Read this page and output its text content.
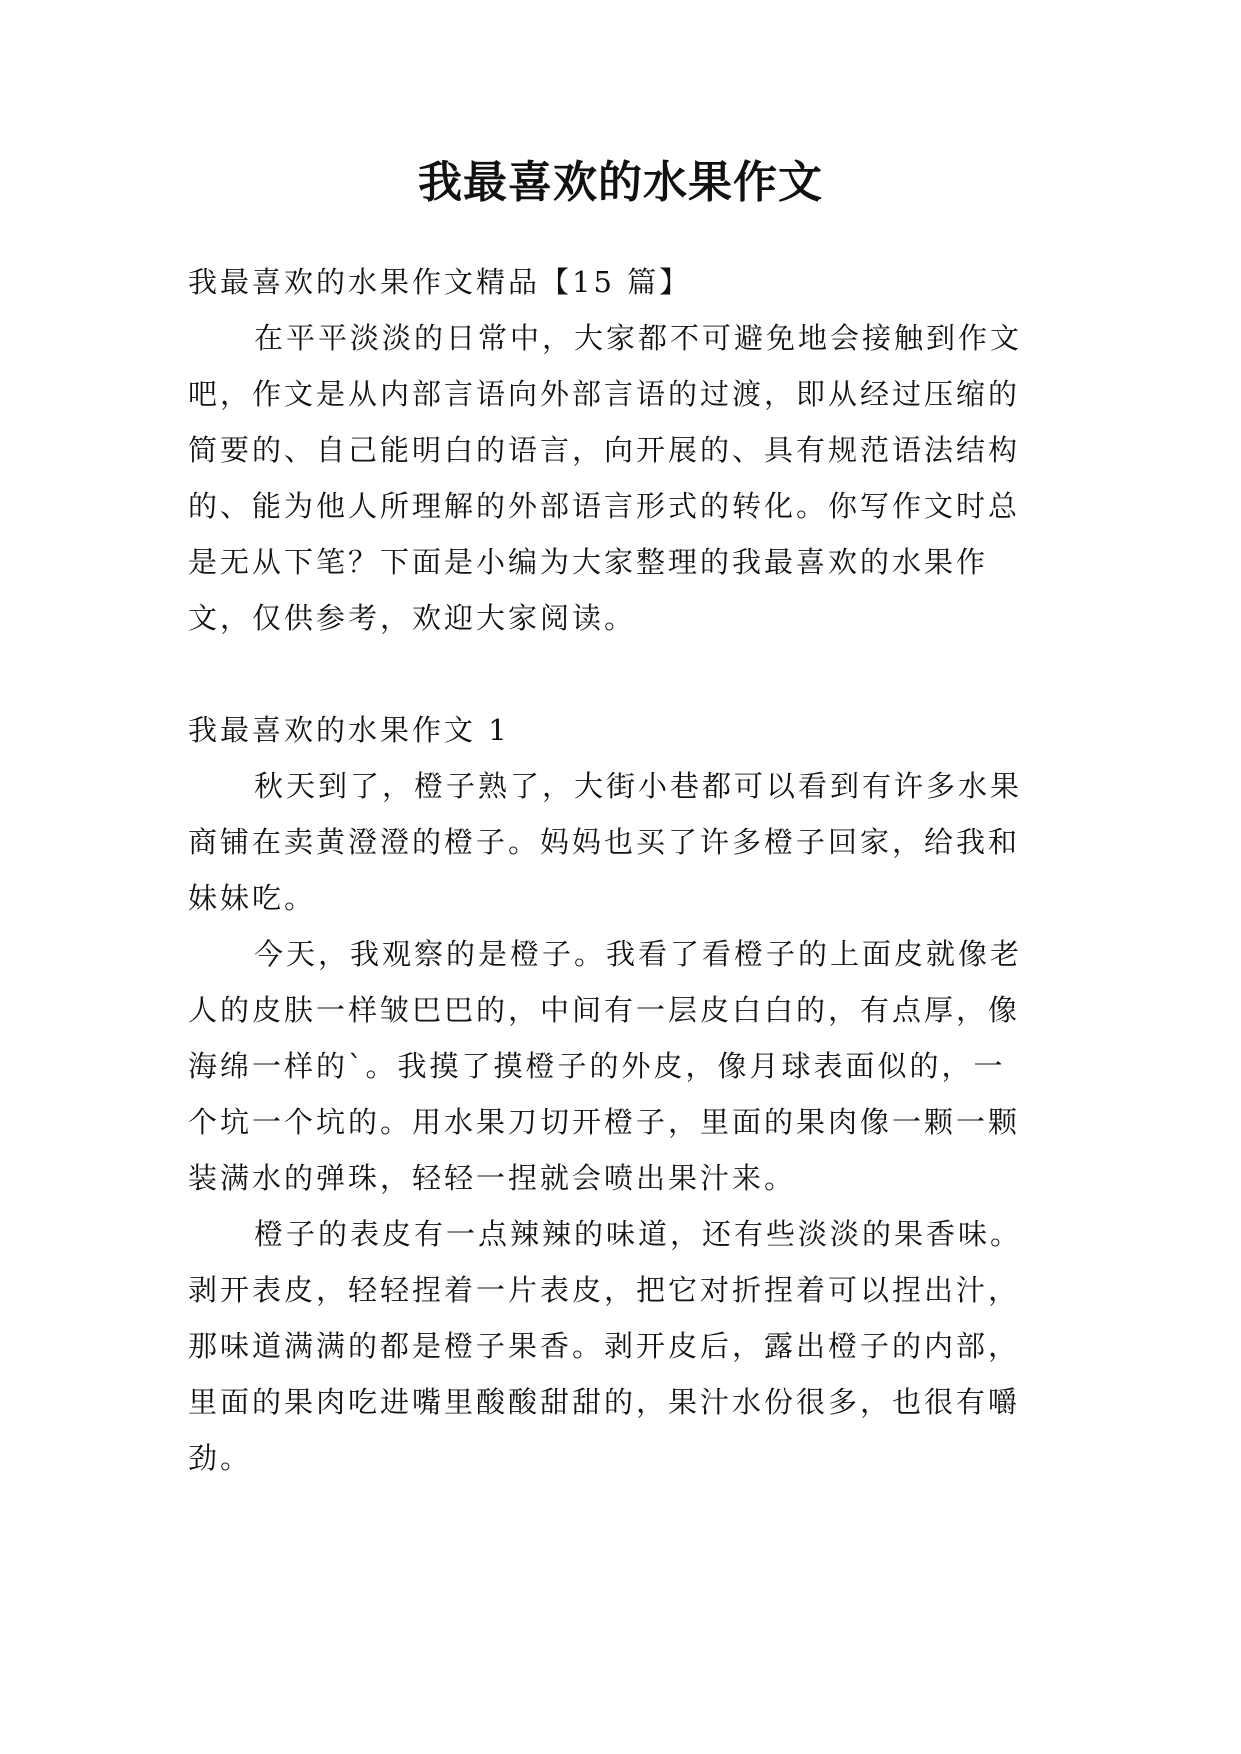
我最喜欢的水果作文

我最喜欢的水果作文精品【15 篇】

在平平淡淡的日常中，大家都不可避免地会接触到作文

吧，作文是从内部言语向外部言语的过渡，即从经过压缩的

简要的、自己能明白的语言，向开展的、具有规范语法结构

的、能为他人所理解的外部语言形式的转化。你写作文时总

是无从下笔？下面是小编为大家整理的我最喜欢的水果作

文，仅供参考，欢迎大家阅读。

我最喜欢的水果作文 1

秋天到了，橙子熟了，大街小巷都可以看到有许多水果

商铺在卖黄澄澄的橙子。妈妈也买了许多橙子回家，给我和

妹妹吃。

今天，我观察的是橙子。我看了看橙子的上面皮就像老

人的皮肤一样皱巴巴的，中间有一层皮白白的，有点厚，像

海绵一样的`。我摸了摸橙子的外皮，像月球表面似的，一

个坑一个坑的。用水果刀切开橙子，里面的果肉像一颗一颗

装满水的弹珠，轻轻一捏就会喷出果汁来。

橙子的表皮有一点辣辣的味道，还有些淡淡的果香味。

剥开表皮，轻轻捏着一片表皮，把它对折捏着可以捏出汁，

那味道满满的都是橙子果香。剥开皮后，露出橙子的内部，

里面的果肉吃进嘴里酸酸甜甜的，果汁水份很多，也很有嚼

劲。
